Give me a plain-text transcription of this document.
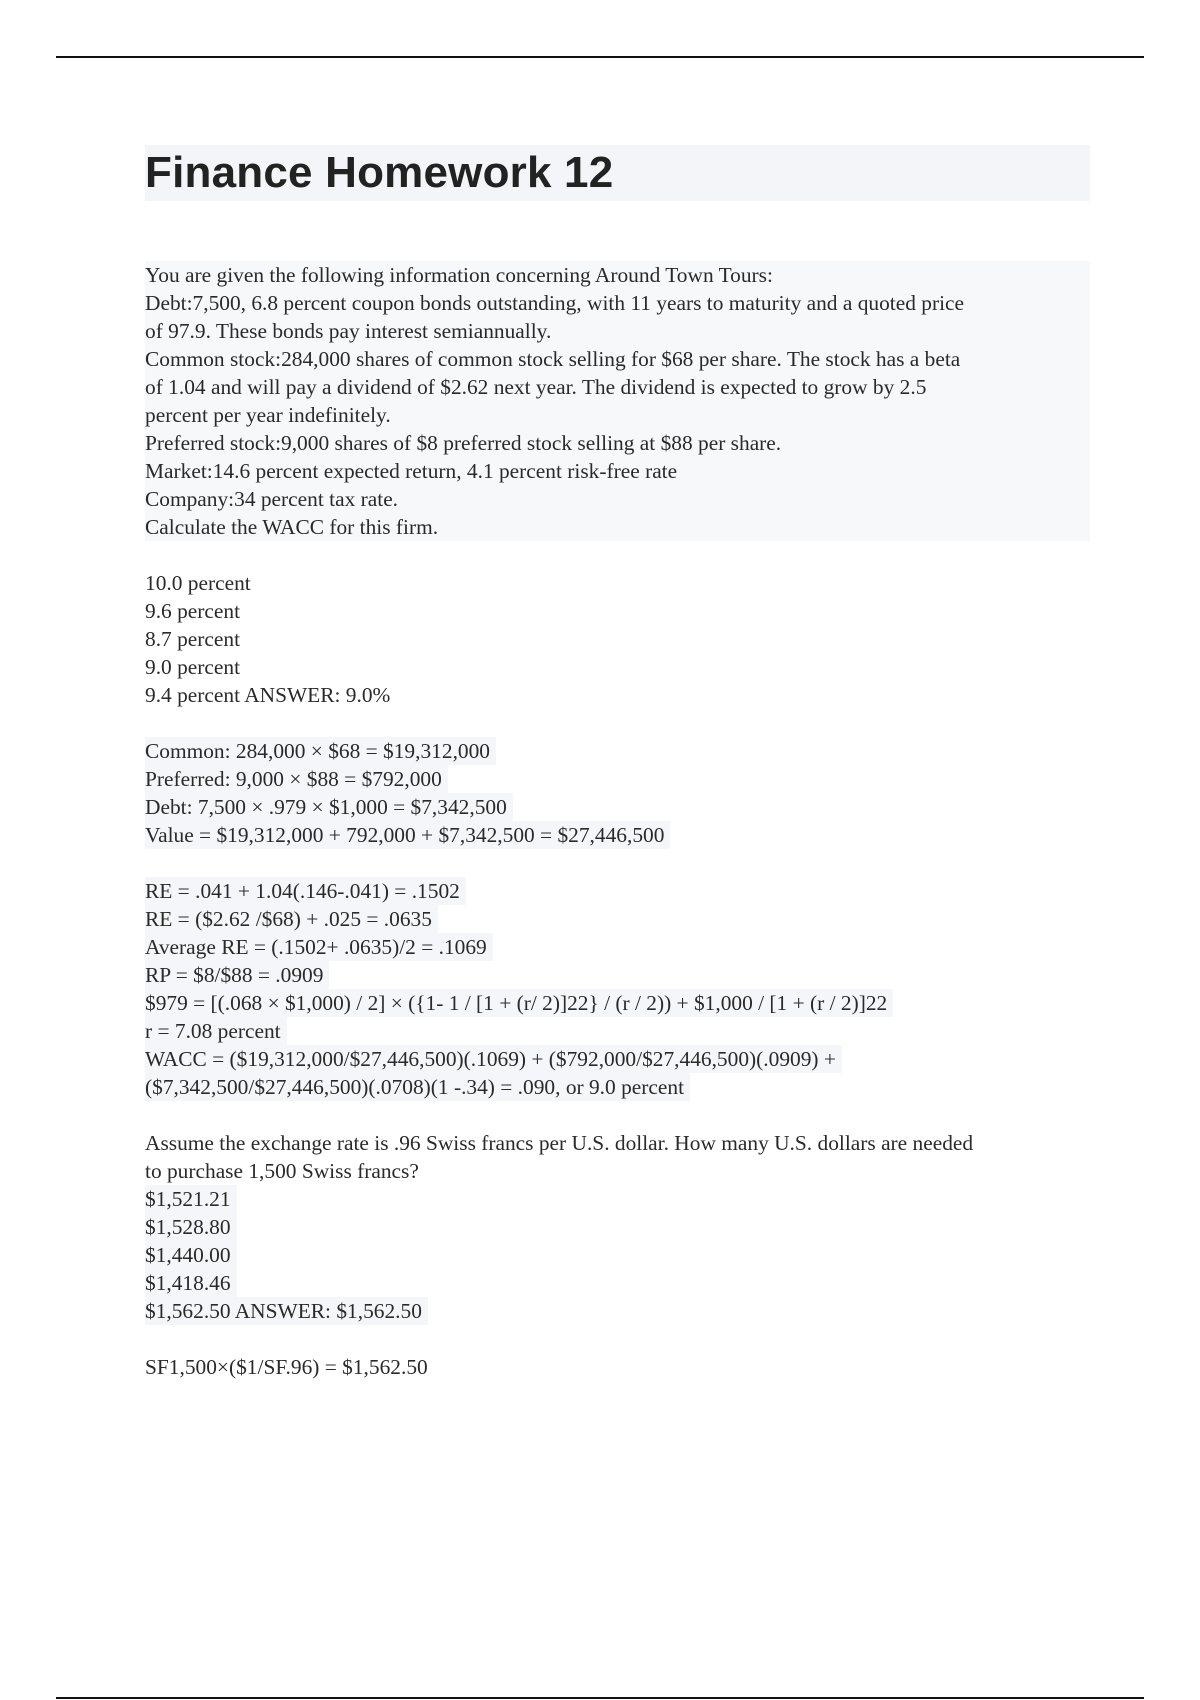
Finance Homework 12
You are given the following information concerning Around Town Tours:
Debt:7,500, 6.8 percent coupon bonds outstanding, with 11 years to maturity and a quoted price
of 97.9. These bonds pay interest semiannually.
Common stock:284,000 shares of common stock selling for $68 per share. The stock has a beta
of 1.04 and will pay a dividend of $2.62 next year. The dividend is expected to grow by 2.5
percent per year indefinitely.
Preferred stock:9,000 shares of $8 preferred stock selling at $88 per share.
Market:14.6 percent expected return, 4.1 percent risk-free rate
Company:34 percent tax rate.
Calculate the WACC for this firm.
10.0 percent
9.6 percent
8.7 percent
9.0 percent
9.4 percent ANSWER: 9.0%
Common: 284,000 × $68 = $19,312,000
Preferred: 9,000 × $88 = $792,000
Debt: 7,500 × .979 × $1,000 = $7,342,500
Value = $19,312,000 + 792,000 + $7,342,500 = $27,446,500
RE = .041 + 1.04(.146-.041) = .1502
RE = ($2.62 /$68) + .025 = .0635
Average RE = (.1502+ .0635)/2 = .1069
RP = $8/$88 = .0909
$979 = [(.068 × $1,000) / 2] × ({1- 1 / [1 + (r/ 2)]22} / (r / 2)) + $1,000 / [1 + (r / 2)]22
r = 7.08 percent
WACC = ($19,312,000/$27,446,500)(.1069) + ($792,000/$27,446,500)(.0909) +
($7,342,500/$27,446,500)(.0708)(1 -.34) = .090, or 9.0 percent
Assume the exchange rate is .96 Swiss francs per U.S. dollar. How many U.S. dollars are needed
to purchase 1,500 Swiss francs?
$1,521.21
$1,528.80
$1,440.00
$1,418.46
$1,562.50 ANSWER: $1,562.50
SF1,500×($1/SF.96) = $1,562.50
